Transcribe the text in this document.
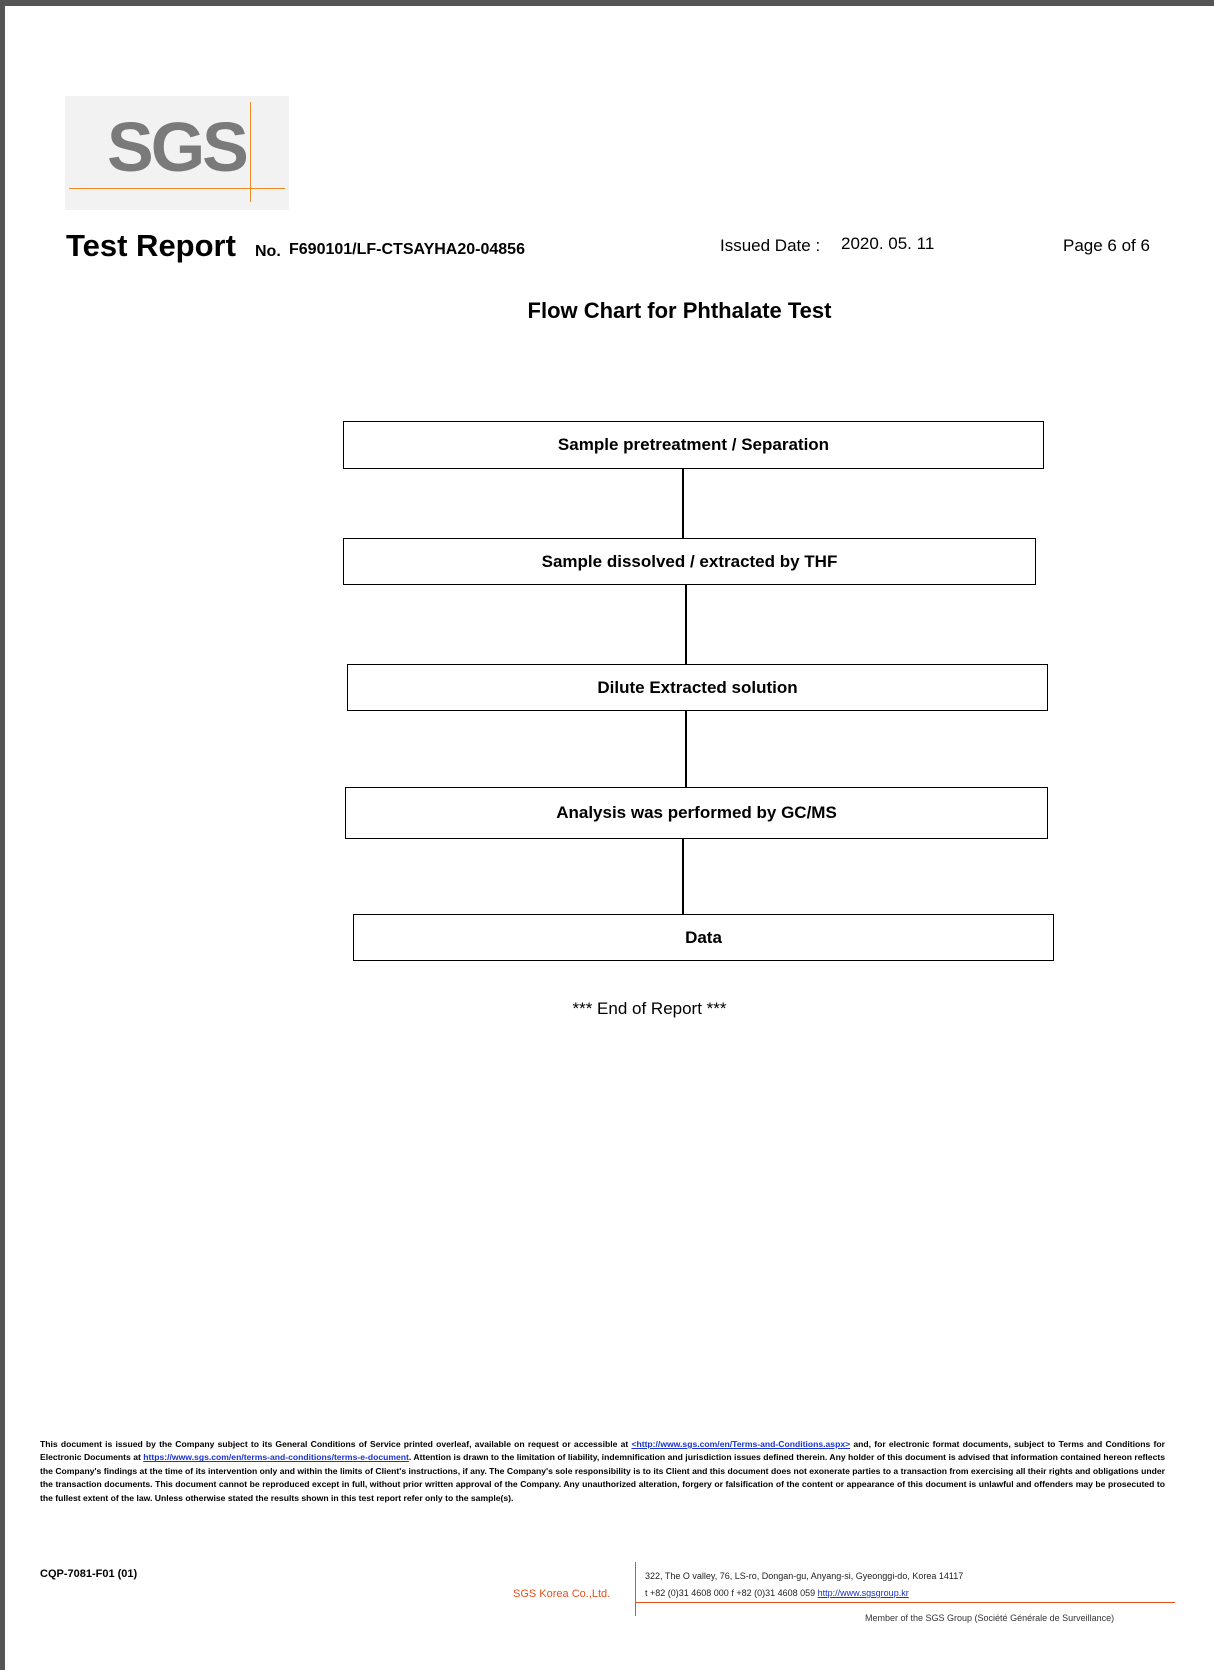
SGS
Test Report No. F690101/LF-CTSAYHA20-04856	Issued Date : 2020. 05. 11	Page 6 of 6
Flow Chart for Phthalate Test
Sample pretreatment / Separation
Sample dissolved / extracted by THF
Dilute Extracted solution
Analysis was performed by GC/MS
Data
*** End of Report ***
This document is issued by the Company subject to its General Conditions of Service printed overleaf, available on request or accessible at <http://www.sgs.com/en/Terms-and-Conditions.aspx> and, for electronic format documents, subject to Terms and Conditions for Electronic Documents at https://www.sgs.com/en/terms-and-conditions/terms-e-document. Attention is drawn to the limitation of liability, indemnification and jurisdiction issues defined therein. Any holder of this document is advised that information contained hereon reflects the Company's findings at the time of its intervention only and within the limits of Client's instructions, if any. The Company's sole responsibility is to its Client and this document does not exonerate parties to a transaction from exercising all their rights and obligations under the transaction documents. This document cannot be reproduced except in full, without prior written approval of the Company. Any unauthorized alteration, forgery or falsification of the content or appearance of this document is unlawful and offenders may be prosecuted to the fullest extent of the law. Unless otherwise stated the results shown in this test report refer only to the sample(s).
CQP-7081-F01 (01)
SGS Korea Co.,Ltd.
322, The O valley, 76, LS-ro, Dongan-gu, Anyang-si, Gyeonggi-do, Korea 14117
t +82 (0)31 4608 000 f +82 (0)31 4608 059 http://www.sgsgroup.kr
Member of the SGS Group (Société Générale de Surveillance)
